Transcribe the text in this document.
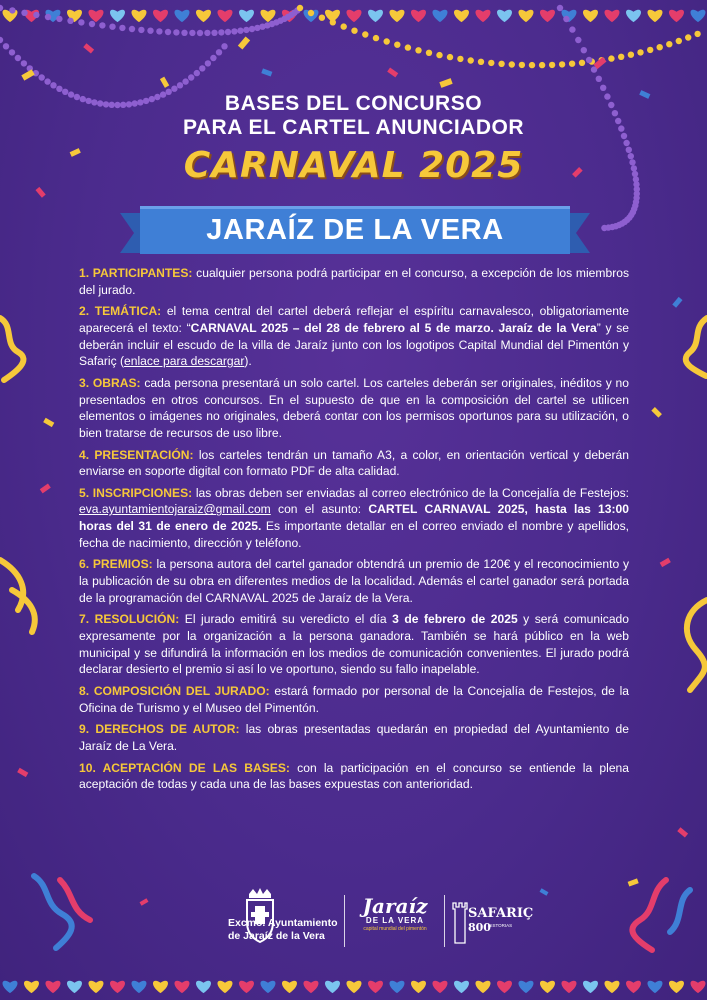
BASES DEL CONCURSO
PARA EL CARTEL ANUNCIADOR
CARNAVAL 2025
JARAÍZ DE LA VERA

1. PARTICIPANTES: cualquier persona podrá participar en el concurso, a excepción de los miembros del jurado.

2. TEMÁTICA: el tema central del cartel deberá reflejar el espíritu carnavalesco, obligatoriamente aparecerá el texto: “CARNAVAL 2025 – del 28 de febrero al 5 de marzo. Jaraíz de la Vera” y se deberán incluir el escudo de la villa de Jaraíz junto con los logotipos Capital Mundial del Pimentón y Safariç (enlace para descargar).

3. OBRAS: cada persona presentará un solo cartel. Los carteles deberán ser originales, inéditos y no presentados en otros concursos. En el supuesto de que en la composición del cartel se utilicen elementos o imágenes no originales, deberá contar con los permisos oportunos para su utilización, o bien tratarse de recursos de uso libre.

4. PRESENTACIÓN: los carteles tendrán un tamaño A3, a color, en orientación vertical y deberán enviarse en soporte digital con formato PDF de alta calidad.

5. INSCRIPCIONES: las obras deben ser enviadas al correo electrónico de la Concejalía de Festejos: eva.ayuntamientojaraiz@gmail.com con el asunto: CARTEL CARNAVAL 2025, hasta las 13:00 horas del 31 de enero de 2025. Es importante detallar en el correo enviado el nombre y apellidos, fecha de nacimiento, dirección y teléfono.

6. PREMIOS: la persona autora del cartel ganador obtendrá un premio de 120€ y el reconocimiento y la publicación de su obra en diferentes medios de la localidad. Además el cartel ganador será portada de la programación del CARNAVAL 2025 de Jaraíz de la Vera.

7. RESOLUCIÓN: El jurado emitirá su veredicto el día 3 de febrero de 2025 y será comunicado expresamente por la organización a la persona ganadora. También se hará público en la web municipal y se difundirá la información en los medios de comunicación convenientes. El jurado podrá declarar desierto el premio si así lo ve oportuno, siendo su fallo inapelable.

8. COMPOSICIÓN DEL JURADO: estará formado por personal de la Concejalía de Festejos, de la Oficina de Turismo y el Museo del Pimentón.

9. DERECHOS DE AUTOR: las obras presentadas quedarán en propiedad del Ayuntamiento de Jaraíz de La Vera.

10. ACEPTACIÓN DE LAS BASES: con la participación en el concurso se entiende la plena aceptación de todas y cada una de las bases expuestas con anterioridad.

Excmo. Ayuntamiento
de Jaraíz de la Vera
Jaraíz
DE LA VERA
capital mundial del pimentón
SAFARIÇ
800
HISTORIAS
